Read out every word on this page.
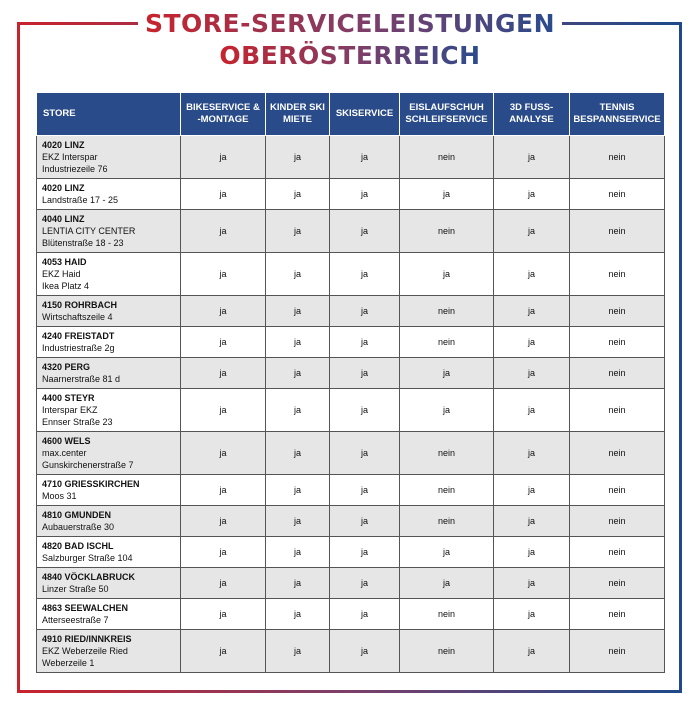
STORE-SERVICELEISTUNGEN
OBERÖSTERREICH
STORE	BIKESERVICE & -MONTAGE	KINDER SKI MIETE	SKISERVICE	EISLAUFSCHUH SCHLEIFSERVICE	3D FUSS-ANALYSE	TENNIS BESPANNSERVICE

4020 LINZ
EKZ Interspar
Industriezeile 76	ja	ja	ja	nein	ja	nein

4020 LINZ
Landstraße 17 - 25	ja	ja	ja	ja	ja	nein

4040 LINZ
LENTIA CITY CENTER
Blütenstraße 18 - 23	ja	ja	ja	nein	ja	nein

4053 HAID
EKZ Haid
Ikea Platz 4	ja	ja	ja	ja	ja	nein

4150 ROHRBACH
Wirtschaftszeile 4	ja	ja	ja	nein	ja	nein

4240 FREISTADT
Industriestraße 2g	ja	ja	ja	nein	ja	nein

4320 PERG
Naarnerstraße 81 d	ja	ja	ja	ja	ja	nein

4400 STEYR
Interspar EKZ
Ennser Straße 23	ja	ja	ja	ja	ja	nein

4600 WELS
max.center
Gunskirchenerstraße 7	ja	ja	ja	nein	ja	nein

4710 GRIESSKIRCHEN
Moos 31	ja	ja	ja	nein	ja	nein

4810 GMUNDEN
Aubauerstraße 30	ja	ja	ja	nein	ja	nein

4820 BAD ISCHL
Salzburger Straße 104	ja	ja	ja	ja	ja	nein

4840 VÖCKLABRUCK
Linzer Straße 50	ja	ja	ja	ja	ja	nein

4863 SEEWALCHEN
Atterseestraße 7	ja	ja	ja	nein	ja	nein

4910 RIED/INNKREIS
EKZ Weberzeile Ried
Weberzeile 1	ja	ja	ja	nein	ja	nein
